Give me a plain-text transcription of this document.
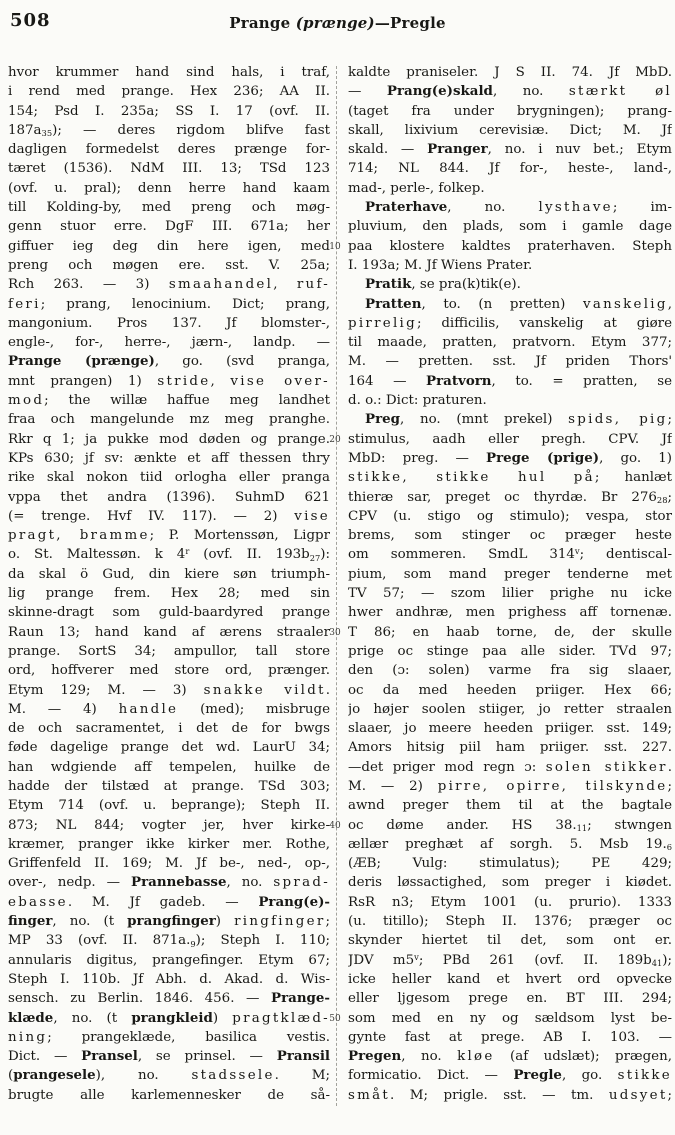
508	Prange (prænge)—Pregle
hvor krummer hand sind hals, i traf,
i rend med prange. Hex 236; AA II.
154; Psd I. 235a; SS I. 17 (ovf. II.
187a35); — deres rigdom blifve fast
dagligen formedelst deres prænge for-
tæret (1536). NdM III. 13; TSd 123
(ovf. u. pral); denn herre hand kaam
till Kolding-by, med preng och møg-
genn stuor erre. DgF III. 671a; her
giffuer ieg deg din here igen, med
preng och møgen ere. sst. V. 25a;
Rch 263. — 3) smaahandel, ruf-
feri; prang, lenocinium. Dict; prang,
mangonium. Pros 137. Jf blomster-,
engle-, for-, herre-, jærn-, landp. —
Prange (prænge), go. (svd pranga,
mnt prangen) 1) stride, vise over-
mod; the willæ haffue meg landhet
fraa och mangelunde mz meg pranghe.
Rkr q 1; ja pukke mod døden og prange.
KPs 630; jf sv: ænkte et aff thessen thry
rike skal nokon tiid orlogha eller pranga
vppa thet andra (1396). SuhmD 621
(= trenge. Hvf IV. 117). — 2) vise
pragt, bramme; P. Mortenssøn, Ligpr
o. St. Maltessøn. k 4$^r$ (ovf. II. 193b27):
da skal ö Gud, din kiere søn triumph-
lig prange frem. Hex 28; med sin
skinne-dragt som guld-baardyred prange
Raun 13; hand kand af ærens straaler
prange. SortS 34; ampullor, tall store
ord, hoffverer med store ord, prænger.
Etym 129; M. — 3) snakke vildt.
M. — 4) handle (med); misbruge
de och sacramentet, i det de for bwgs
føde dagelige prange det wd. LaurU 34;
han wdgiende aff tempelen, huilke de
hadde der tilstæd at prange. TSd 303;
Etym 714 (ovf. u. beprange); Steph II.
873; NL 844; vogter jer, hver kirke-
kræmer, pranger ikke kirker mer. Rothe,
Griffenfeld II. 169; M. Jf be-, ned-, op-,
over-, nedp. — Prannebasse, no. sprad-
ebasse. M. Jf gadeb. — Prang(e)-
finger, no. (t prangfinger) ringfinger;
MP 33 (ovf. II. 871a.9); Steph I. 110;
annularis digitus, prangefinger. Etym 67;
Steph I. 110b. Jf Abh. d. Akad. d. Wis-
sensch. zu Berlin. 1846. 456. — Prange-
klæde, no. (t prangkleid) pragtklæd-
ning; prangeklæde, basilica vestis.
Dict. — Pransel, se prinsel. — Pransil
(prangesele), no. stadssele. M;
brugte alle karlemennesker de så-
10
20
30
40
50
kaldte praniseler. J S II. 74. Jf MbD.
— Prang(e)skald, no. stærkt øl
(taget fra under brygningen); prang-
skall, lixivium cerevisiæ. Dict; M. Jf
skald. — Pranger, no. i nuv bet.; Etym
714; NL 844. Jf for-, heste-, land-,
mad-, perle-, folkep.
Praterhave, no. lysthave; im-
pluvium, den plads, som i gamle dage
paa klostere kaldtes praterhaven. Steph
I. 193a; M. Jf Wiens Prater.
Pratik, se pra(k)tik(e).
Pratten, to. (n pretten) vanskelig,
pirrelig; difficilis, vanskelig at giøre
til maade, pratten, pratvorn. Etym 377;
M. — pretten. sst. Jf priden Thors'
164 — Pratvorn, to. = pratten, se
d. o.: Dict: praturen.
Preg, no. (mnt prekel) spids, pig;
stimulus, aadh eller pregh. CPV. Jf
MbD: preg. — Prege (prige), go. 1)
stikke, stikke hul på; hanlæt
thieræ sar, preget oc thyrdæ. Br 27628;
CPV (u. stigo og stimulo); vespa, stor
brems, som stinger oc præger heste
om sommeren. SmdL 314$^v$; dentiscal-
pium, som mand preger tenderne met
TV 57; — szom lilier prighe nu icke
hwer andhræ, men prighess aff tornenæ.
T 86; en haab torne, de, der skulle
prige oc stinge paa alle sider. TVd 97;
den (ɔ: solen) varme fra sig slaaer,
oc da med heeden priiger. Hex 66;
jo højer soolen stiiger, jo retter straalen
slaaer, jo meere heeden priiger. sst. 149;
Amors hitsig piil ham priiger. sst. 227.
—det priger mod regn ɔ: solen stikker.
M. — 2) pirre, opirre, tilskynde;
awnd preger them til at the bagtale
oc døme ander. HS 38.11; stwngen
ællær preghæt af sorgh. 5. Msb 19.6
(ÆB; Vulg: stimulatus); PE 429;
deris løssactighed, som preger i kiødet.
RsR n3; Etym 1001 (u. prurio). 1333
(u. titillo); Steph II. 1376; præger oc
skynder hiertet til det, som ont er.
JDV m5$^v$; PBd 261 (ovf. II. 189b41);
icke heller kand et hvert ord opvecke
eller ljgesom prege en. BT III. 294;
som med en ny og sældsom lyst be-
gynte fast at prege. AB I. 103. —
Pregen, no. kløe (af udslæt); prægen,
formicatio. Dict. — Pregle, go. stikke
småt. M; prigle. sst. — tm. udsyet;
